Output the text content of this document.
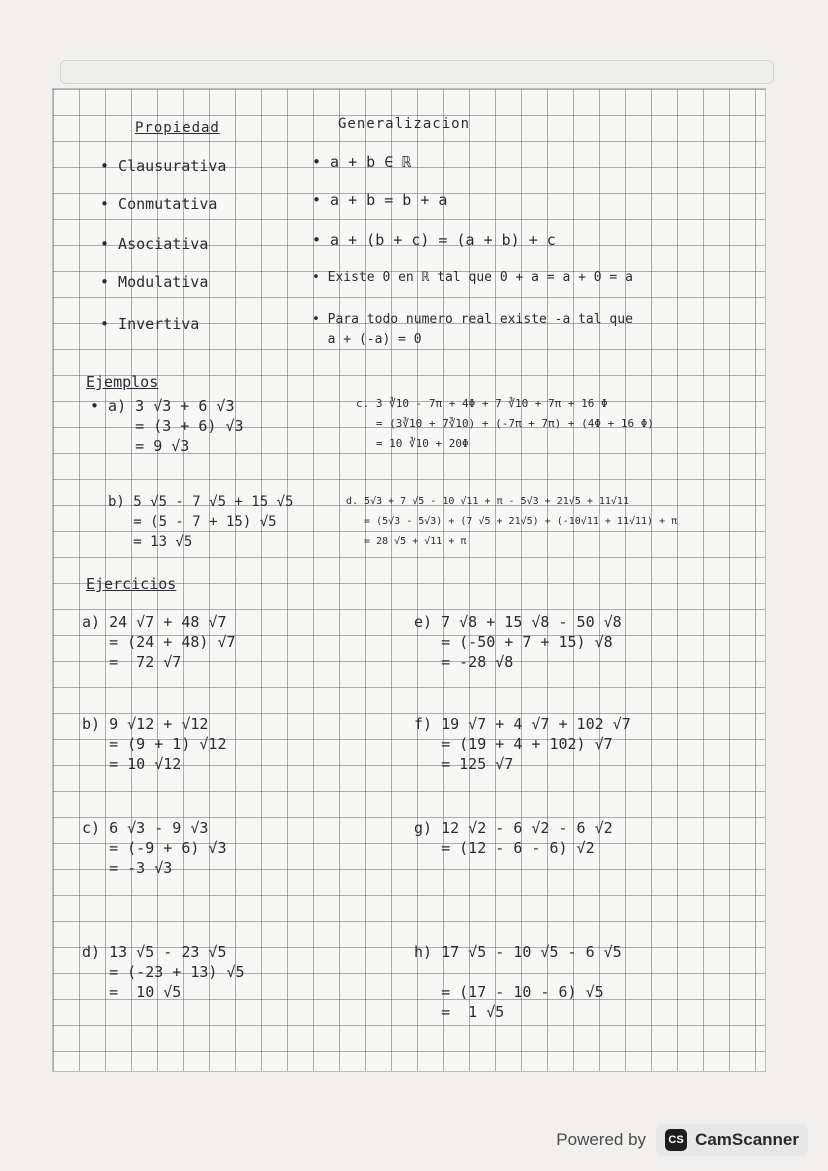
Propiedad	Generalizacion
• Clausurativa	• a + b ∈ ℝ
• Conmutativa	• a + b = b + a
• Asociativa	• a + (b + c) = (a + b) + c
• Modulativa	• Existe 0 en ℝ tal que 0 + a = a + 0 = a
• Invertiva	• Para todo numero real existe -a tal que
a + (-a) = 0
Ejemplos
• a) 3 √3 + 6 √3
= (3 + 6) √3
= 9 √3
c. 3 ∛10 - 7π + 4Φ + 7 ∛10 + 7π + 16 Φ
= (3∛10 + 7∛10) + (-7π + 7π) + (4Φ + 16 Φ)
= 10 ∛10 + 20Φ
b) 5 √5 - 7 √5 + 15 √5
= (5 - 7 + 15) √5
= 13 √5
d. 5√3 + 7 √5 - 10 √11 + π - 5√3 + 21√5 + 11√11
= (5√3 - 5√3) + (7 √5 + 21√5) + (-10√11 + 11√11) + π
= 28 √5 + √11 + π
Ejercicios
a) 24 √7 + 48 √7
= (24 + 48) √7
=  72 √7
e) 7 √8 + 15 √8 - 50 √8
= (-50 + 7 + 15) √8
= -28 √8
b) 9 √12 + √12
= (9 + 1) √12
= 10 √12
f) 19 √7 + 4 √7 + 102 √7
= (19 + 4 + 102) √7
= 125 √7
c) 6 √3 - 9 √3
= (-9 + 6) √3
= -3 √3
g) 12 √2 - 6 √2 - 6 √2
= (12 - 6 - 6) √2
d) 13 √5 - 23 √5
= (-23 + 13) √5
=  10 √5
h) 17 √5 - 10 √5 - 6 √5

= (17 - 10 - 6) √5
=  1 √5
Powered by	CS CamScanner
